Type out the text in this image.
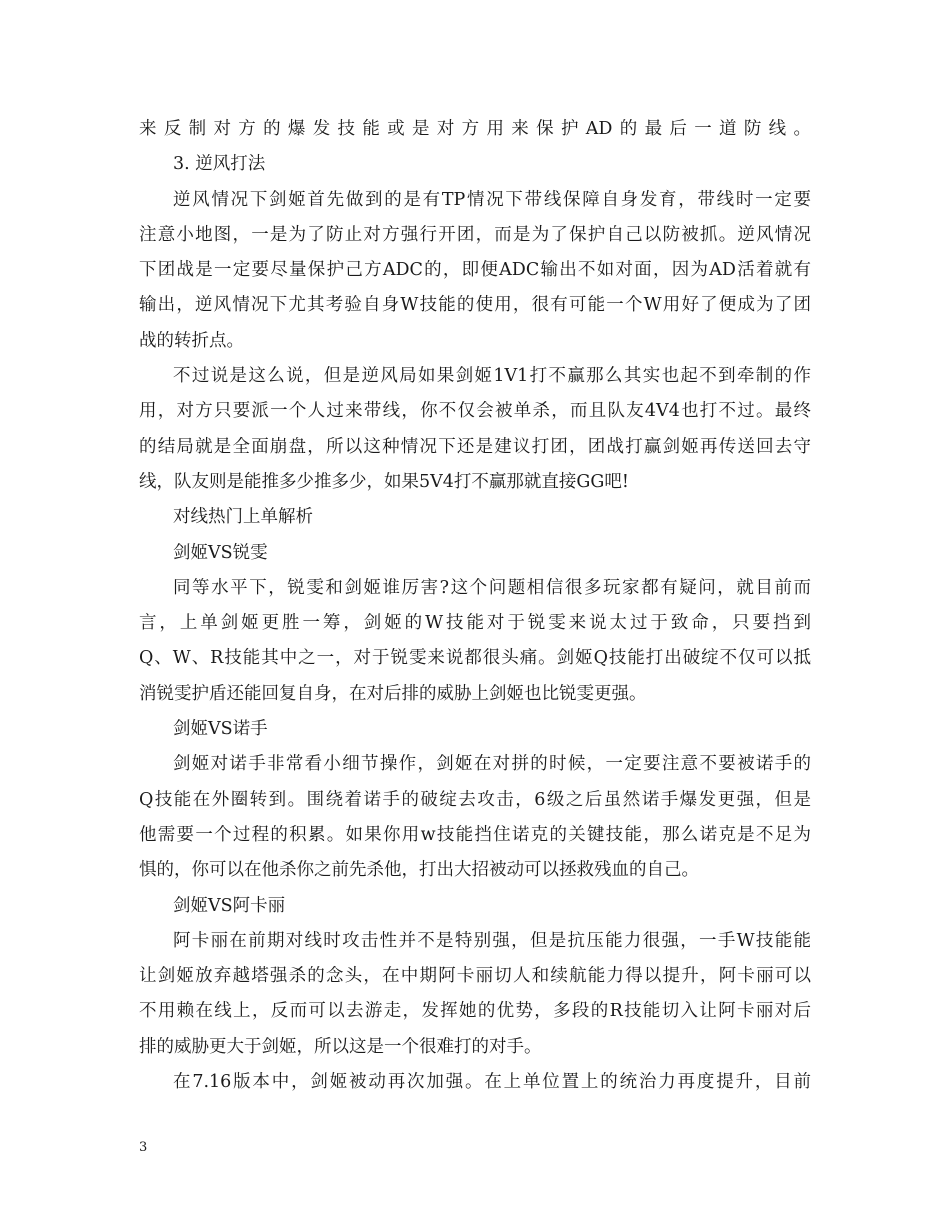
来反制对方的爆发技能或是对方用来保护AD的最后一道防线。
3. 逆风打法
逆风情况下剑姬首先做到的是有TP情况下带线保障自身发育，带线时一定要
注意小地图，一是为了防止对方强行开团，而是为了保护自己以防被抓。逆风情况
下团战是一定要尽量保护己方ADC的，即便ADC输出不如对面，因为AD活着就有
输出，逆风情况下尤其考验自身W技能的使用，很有可能一个W用好了便成为了团
战的转折点。
不过说是这么说，但是逆风局如果剑姬1V1打不赢那么其实也起不到牵制的作
用，对方只要派一个人过来带线，你不仅会被单杀，而且队友4V4也打不过。最终
的结局就是全面崩盘，所以这种情况下还是建议打团，团战打赢剑姬再传送回去守
线，队友则是能推多少推多少，如果5V4打不赢那就直接GG吧!
对线热门上单解析
剑姬VS锐雯
同等水平下，锐雯和剑姬谁厉害?这个问题相信很多玩家都有疑问，就目前而
言，上单剑姬更胜一筹，剑姬的W技能对于锐雯来说太过于致命，只要挡到
Q、W、R技能其中之一，对于锐雯来说都很头痛。剑姬Q技能打出破绽不仅可以抵
消锐雯护盾还能回复自身，在对后排的威胁上剑姬也比锐雯更强。
剑姬VS诺手
剑姬对诺手非常看小细节操作，剑姬在对拼的时候，一定要注意不要被诺手的
Q技能在外圈转到。围绕着诺手的破绽去攻击，6级之后虽然诺手爆发更强，但是
他需要一个过程的积累。如果你用w技能挡住诺克的关键技能，那么诺克是不足为
惧的，你可以在他杀你之前先杀他，打出大招被动可以拯救残血的自己。
剑姬VS阿卡丽
阿卡丽在前期对线时攻击性并不是特别强，但是抗压能力很强，一手W技能能
让剑姬放弃越塔强杀的念头，在中期阿卡丽切人和续航能力得以提升，阿卡丽可以
不用赖在线上，反而可以去游走，发挥她的优势，多段的R技能切入让阿卡丽对后
排的威胁更大于剑姬，所以这是一个很难打的对手。
在7.16版本中，剑姬被动再次加强。在上单位置上的统治力再度提升，目前
3
